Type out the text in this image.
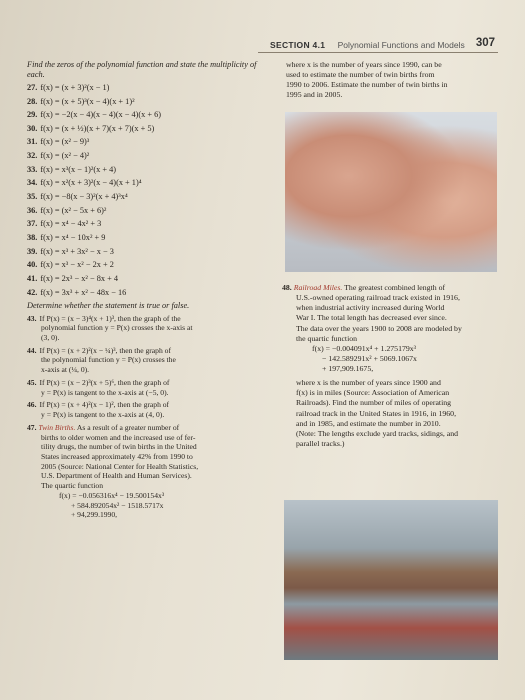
SECTION 4.1 Polynomial Functions and Models 307
Find the zeros of the polynomial function and state the multiplicity of each.
27. f(x) = (x + 3)²(x − 1)
28. f(x) = (x + 5)³(x − 4)(x + 1)²
29. f(x) = −2(x − 4)(x − 4)(x − 4)(x + 6)
30. f(x) = (x + ½)(x + 7)(x + 7)(x + 5)
31. f(x) = (x² − 9)³
32. f(x) = (x² − 4)²
33. f(x) = x³(x − 1)²(x + 4)
34. f(x) = x²(x + 3)²(x − 4)(x + 1)⁴
35. f(x) = −8(x − 3)²(x + 4)³x⁴
36. f(x) = (x² − 5x + 6)²
37. f(x) = x⁴ − 4x² + 3
38. f(x) = x⁴ − 10x² + 9
39. f(x) = x³ + 3x² − x − 3
40. f(x) = x³ − x² − 2x + 2
41. f(x) = 2x³ − x² − 8x + 4
42. f(x) = 3x³ + x² − 48x − 16
Determine whether the statement is true or false.
43. If P(x) = (x − 3)⁴(x + 1)³, then the graph of the
polynomial function y = P(x) crosses the x-axis at
(3, 0).
44. If P(x) = (x + 2)²(x − ¼)³, then the graph of
the polynomial function y = P(x) crosses the
x-axis at (¼, 0).
45. If P(x) = (x − 2)³(x + 5)⁶, then the graph of
y = P(x) is tangent to the x-axis at (−5, 0).
46. If P(x) = (x + 4)²(x − 1)², then the graph of
y = P(x) is tangent to the x-axis at (4, 0).
47. Twin Births. As a result of a greater number of
births to older women and the increased use of fer-
tility drugs, the number of twin births in the United
States increased approximately 42% from 1990 to
2005 (Source: National Center for Health Statistics,
U.S. Department of Health and Human Services).
The quartic function
f(x) = −0.056316x⁴ − 19.500154x³
+ 584.892054x² − 1518.5717x
+ 94,299.1990,
where x is the number of years since 1990, can be
used to estimate the number of twin births from
1990 to 2006. Estimate the number of twin births in
1995 and in 2005.
48. Railroad Miles. The greatest combined length of
U.S.-owned operating railroad track existed in 1916,
when industrial activity increased during World
War I. The total length has decreased ever since.
The data over the years 1900 to 2008 are modeled by
the quartic function
f(x) = −0.004091x⁴ + 1.275179x³
− 142.589291x² + 5069.1067x
+ 197,909.1675,
where x is the number of years since 1900 and
f(x) is in miles (Source: Association of American
Railroads). Find the number of miles of operating
railroad track in the United States in 1916, in 1960,
and in 1985, and estimate the number in 2010.
(Note: The lengths exclude yard tracks, sidings, and
parallel tracks.)
